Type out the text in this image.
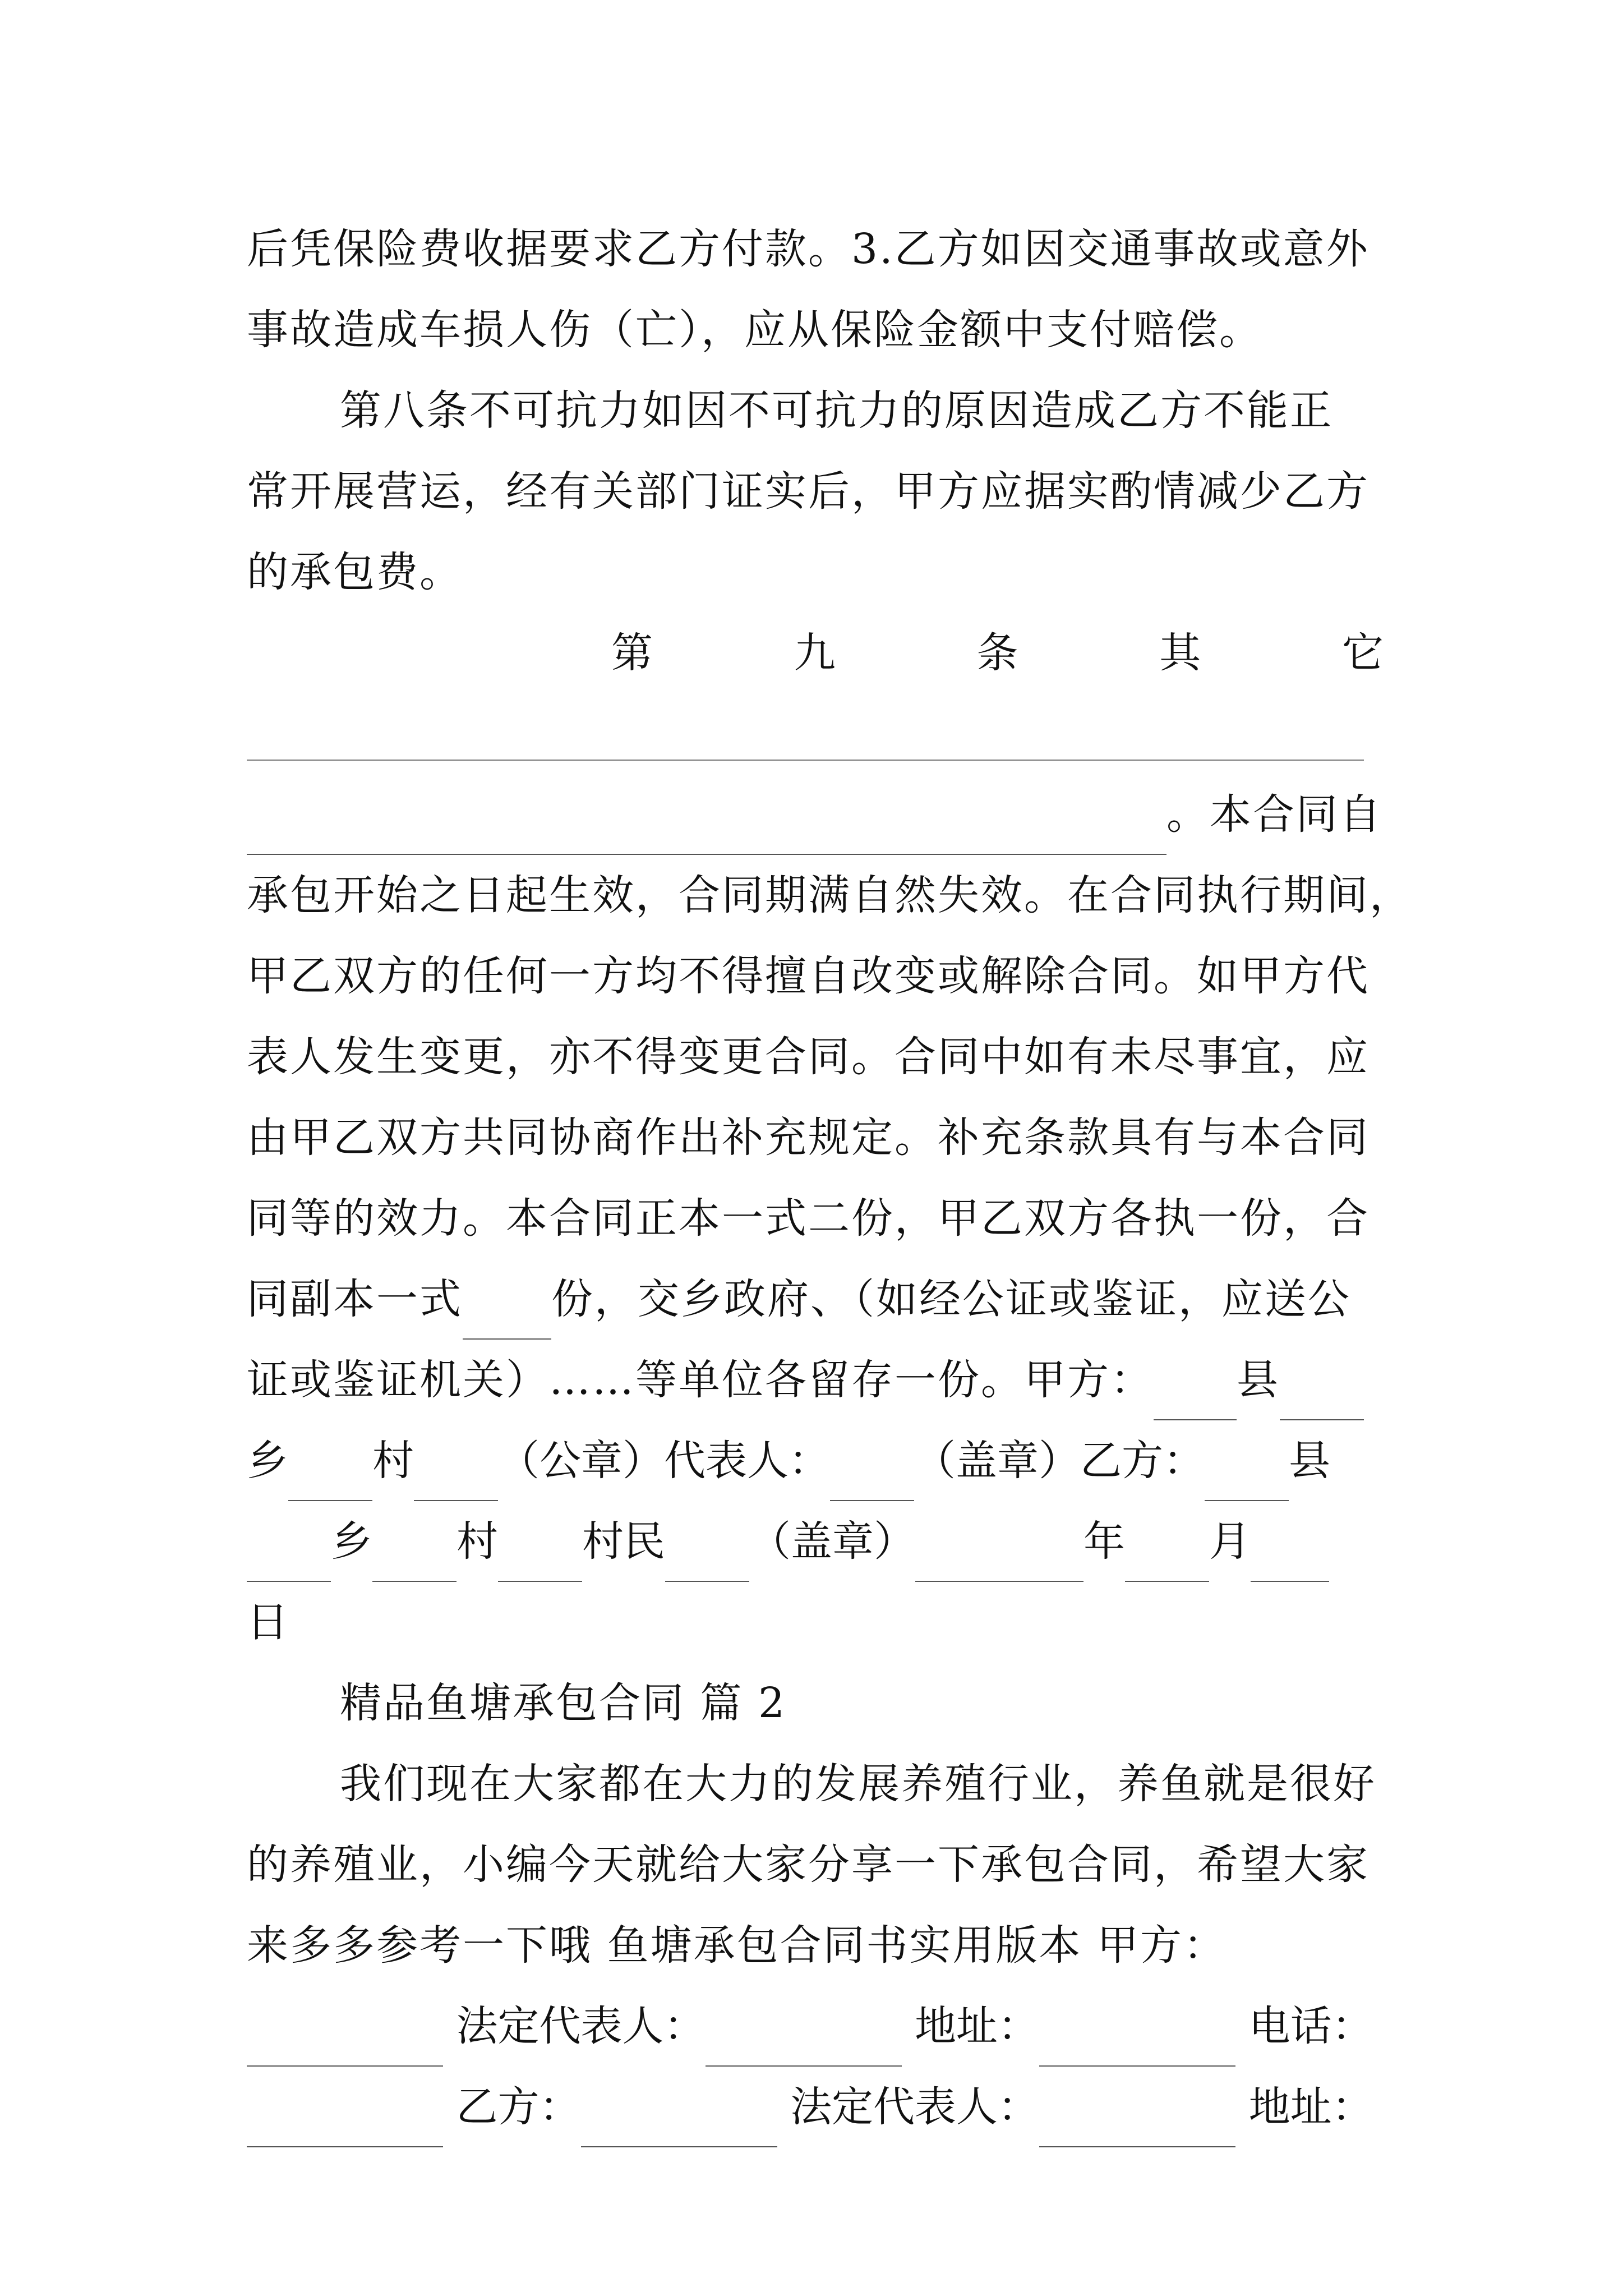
后凭保险费收据要求乙方付款。3.乙方如因交通事故或意外
事故造成车损人伤（亡），应从保险金额中支付赔偿。
第八条不可抗力如因不可抗力的原因造成乙方不能正
常开展营运，经有关部门证实后，甲方应据实酌情减少乙方
的承包费。
第	九	条	其	它
。本合同自
承包开始之日起生效，合同期满自然失效。在合同执行期间，
甲乙双方的任何一方均不得擅自改变或解除合同。如甲方代
表人发生变更，亦不得变更合同。合同中如有未尽事宜，应
由甲乙双方共同协商作出补充规定。补充条款具有与本合同
同等的效力。本合同正本一式二份，甲乙双方各执一份，合
同副本一式 份，交乡政府、（如经公证或鉴证，应送公
证或鉴证机关）……等单位各留存一份。甲方： 县
乡 村 （公章）代表人： （盖章）乙方： 县
乡 村 村民 （盖章）	年 月
日
精品鱼塘承包合同 篇 2
我们现在大家都在大力的发展养殖行业，养鱼就是很好
的养殖业，小编今天就给大家分享一下承包合同，希望大家
来多多参考一下哦 鱼塘承包合同书实用版本 甲方：
法定代表人：	地址：	电话：
乙方：	法定代表人：	地址：
